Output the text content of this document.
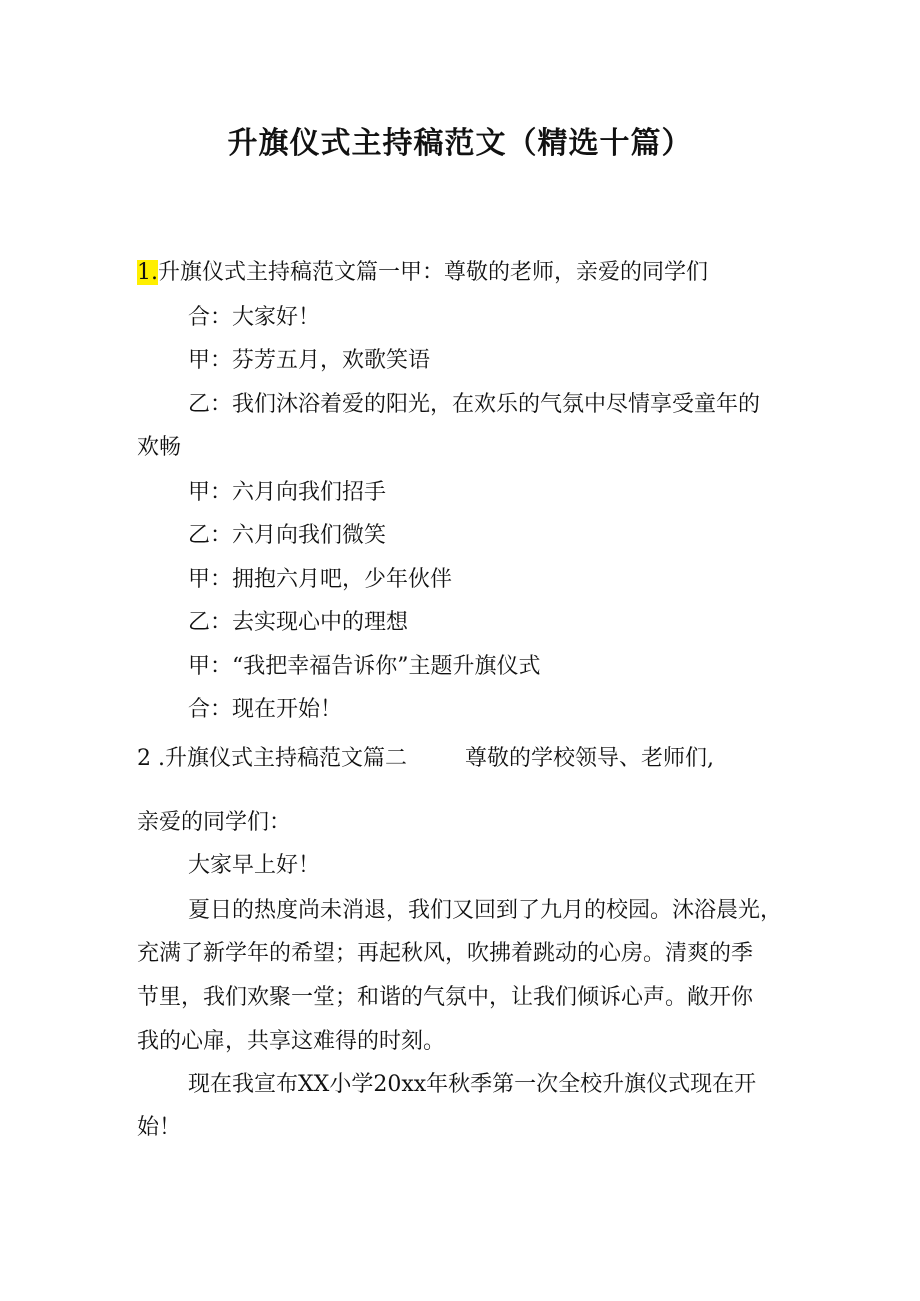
升旗仪式主持稿范文（精选十篇）

1.升旗仪式主持稿范文篇一甲：尊敬的老师，亲爱的同学们

合：大家好！

甲：芬芳五月，欢歌笑语

乙：我们沐浴着爱的阳光，在欢乐的气氛中尽情享受童年的

欢畅

甲：六月向我们招手

乙：六月向我们微笑

甲：拥抱六月吧，少年伙伴

乙：去实现心中的理想

甲：“我把幸福告诉你”主题升旗仪式

合：现在开始！

2 .升旗仪式主持稿范文篇二	尊敬的学校领导、老师们,

亲爱的同学们：

大家早上好！

夏日的热度尚未消退，我们又回到了九月的校园。沐浴晨光，

充满了新学年的希望；再起秋风，吹拂着跳动的心房。清爽的季

节里，我们欢聚一堂；和谐的气氛中，让我们倾诉心声。敞开你

我的心扉，共享这难得的时刻。

现在我宣布XX小学20xx年秋季第一次全校升旗仪式现在开

始！
